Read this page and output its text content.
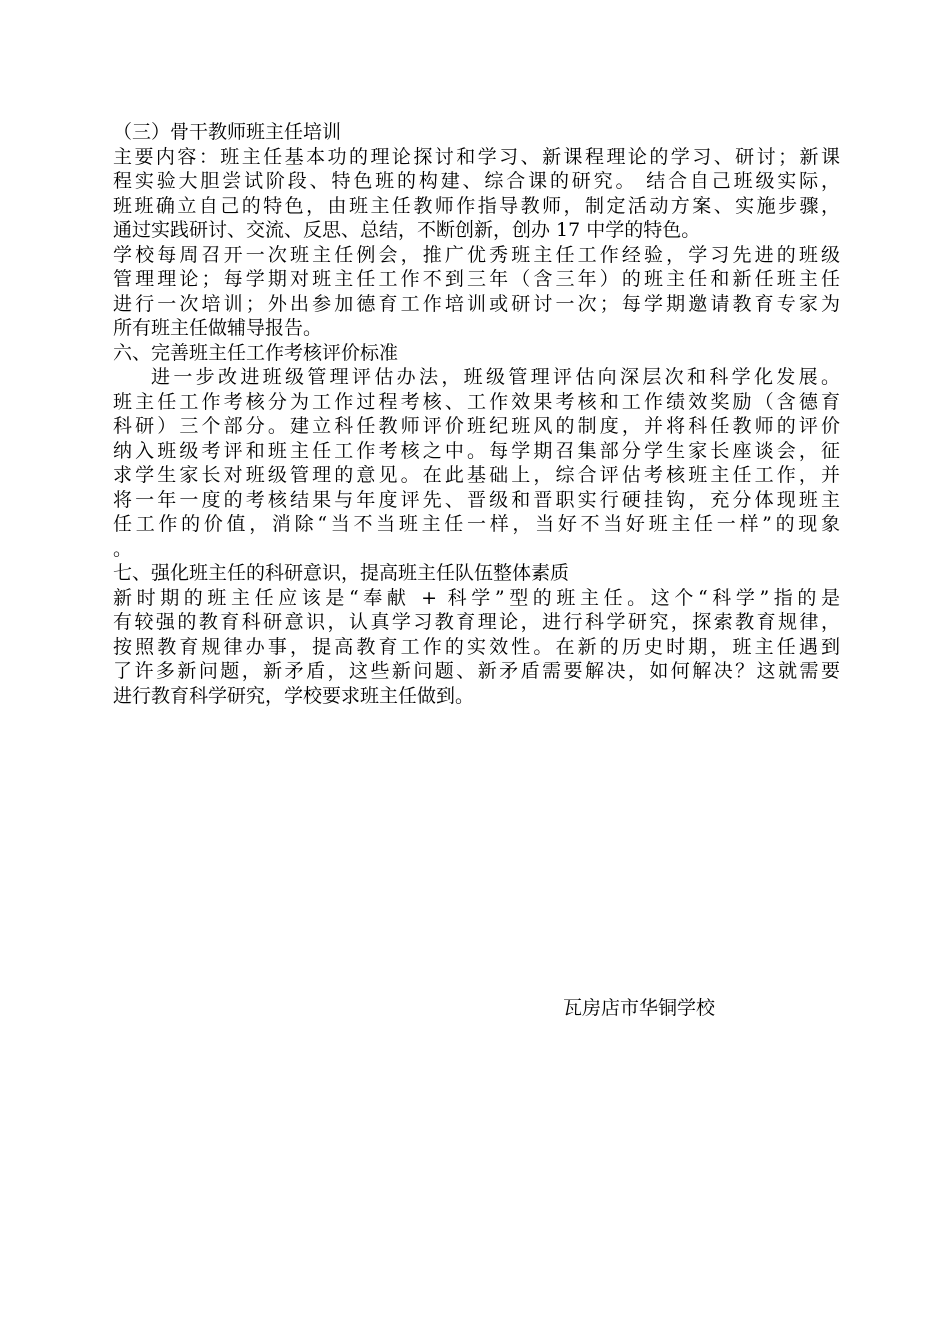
（三）骨干教师班主任培训

主要内容：班主任基本功的理论探讨和学习、新课程理论的学习、研讨；新课

程实验大胆尝试阶段、特色班的构建、综合课的研究。 结合自己班级实际，

班班确立自己的特色，由班主任教师作指导教师，制定活动方案、实施步骤，

通过实践研讨、交流、反思、总结，不断创新，创办 17 中学的特色。

学校每周召开一次班主任例会，推广优秀班主任工作经验，学习先进的班级

管理理论；每学期对班主任工作不到三年（含三年）的班主任和新任班主任

进行一次培训；外出参加德育工作培训或研讨一次；每学期邀请教育专家为

所有班主任做辅导报告。

六、完善班主任工作考核评价标准

进一步改进班级管理评估办法，班级管理评估向深层次和科学化发展。

班主任工作考核分为工作过程考核、工作效果考核和工作绩效奖励（含德育

科研）三个部分。建立科任教师评价班纪班风的制度，并将科任教师的评价

纳入班级考评和班主任工作考核之中。每学期召集部分学生家长座谈会，征

求学生家长对班级管理的意见。在此基础上，综合评估考核班主任工作，并

将一年一度的考核结果与年度评先、晋级和晋职实行硬挂钩，充分体现班主

任工作的价值，消除“当不当班主任一样，当好不当好班主任一样”的现象

。

七、强化班主任的科研意识，提高班主任队伍整体素质

新时期的班主任应该是“奉献 + 科学”型的班主任。这个“科学”指的是

有较强的教育科研意识，认真学习教育理论，进行科学研究，探索教育规律，

按照教育规律办事，提高教育工作的实效性。在新的历史时期，班主任遇到

了许多新问题，新矛盾，这些新问题、新矛盾需要解决，如何解决？这就需要

进行教育科学研究，学校要求班主任做到。

瓦房店市华铜学校
